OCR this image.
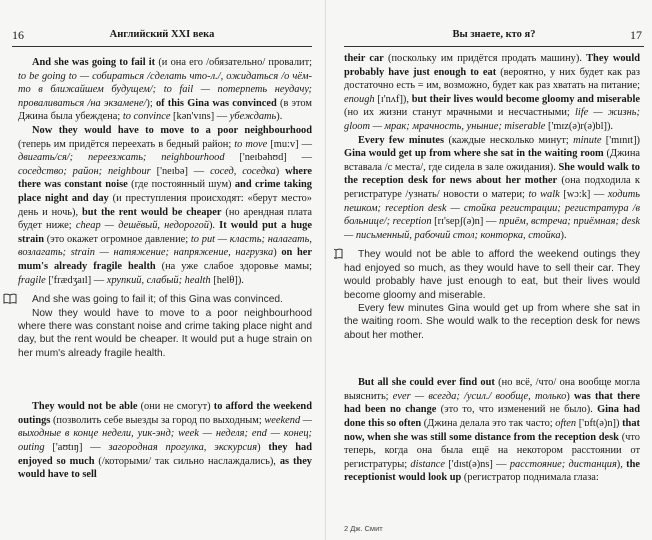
16	Английский XXI века

And she was going to fail it (и она его /обязательно/ провалит; to be going to — собираться /сделать что-л./, ожидаться /о чём-то в ближайшем будущем/; to fail — потерпеть неудачу; проваливаться /на экзамене/); of this Gina was convinced (в этом Джина была убеждена; to convince [kən'vɪns] — убеждать).

Now they would have to move to a poor neighbourhood (теперь им придётся переехать в бедный район; to move [mu:v] — двигать/ся/; переезжать; neighbourhood ['neɪbəhʊd] — соседство; район; neighbour ['neɪbə] — сосед, соседка) where there was constant noise (где постоянный шум) and crime taking place night and day (и преступления происходят: «берут место» день и ночь), but the rent would be cheaper (но арендная плата будет ниже; cheap — дешёвый, недорогой). It would put a huge strain (это окажет огромное давление; to put — класть; налагать, возлагать; strain — натяжение; напряжение, нагрузка) on her mum's already fragile health (на уже слабое здоровье мамы; fragile ['frædʒaɪl] — хрупкий, слабый; health [helθ]).

And she was going to fail it; of this Gina was convinced.

Now they would have to move to a poor neighbourhood where there was constant noise and crime taking place night and day, but the rent would be cheaper. It would put a huge strain on her mum's already fragile health.

They would not be able (они не смогут) to afford the weekend outings (позволить себе выезды за город по выходным; weekend — выходные в конце недели, уик-энд; week — неделя; end — конец; outing ['aʊtɪŋ] — загородная прогулка, экскурсия) they had enjoyed so much (/которыми/ так сильно наслаждались), as they would have to sell

Вы знаете, кто я?	17

their car (поскольку им придётся продать машину). They would probably have just enough to eat (вероятно, у них будет как раз достаточно есть = им, возможно, будет как раз хватать на питание; enough [ɪ'nʌf]), but their lives would become gloomy and miserable (но их жизни станут мрачными и несчастными; life — жизнь; gloom — мрак; мрачность, уныние; miserable ['mɪz(ə)r(ə)bl]).

Every few minutes (каждые несколько минут; minute ['mɪnɪt]) Gina would get up from where she sat in the waiting room (Джина вставала /с места/, где сидела в зале ожидания). She would walk to the reception desk for news about her mother (она подходила к регистратуре /узнать/ новости о матери; to walk [wɔ:k] — ходить пешком; reception desk — стойка регистрации; регистратура /в больнице/; reception [rɪ'sepʃ(ə)n] — приём, встреча; приёмная; desk — письменный, рабочий стол; конторка, стойка).

They would not be able to afford the weekend outings they had enjoyed so much, as they would have to sell their car. They would probably have just enough to eat, but their lives would become gloomy and miserable.

Every few minutes Gina would get up from where she sat in the waiting room. She would walk to the reception desk for news about her mother.

But all she could ever find out (но всё, /что/ она вообще могла выяснить; ever — всегда; /усил./ вообще, только) was that there had been no change (это то, что изменений не было). Gina had done this so often (Джина делала это так часто; often ['ɒft(ə)n]) that now, when she was still some distance from the reception desk (что теперь, когда она была ещё на некотором расстоянии от регистратуры; distance ['dɪst(ə)ns] — расстояние; дистанция), the receptionist would look up (регистратор поднимала глаза:

2 Дж. Смит
